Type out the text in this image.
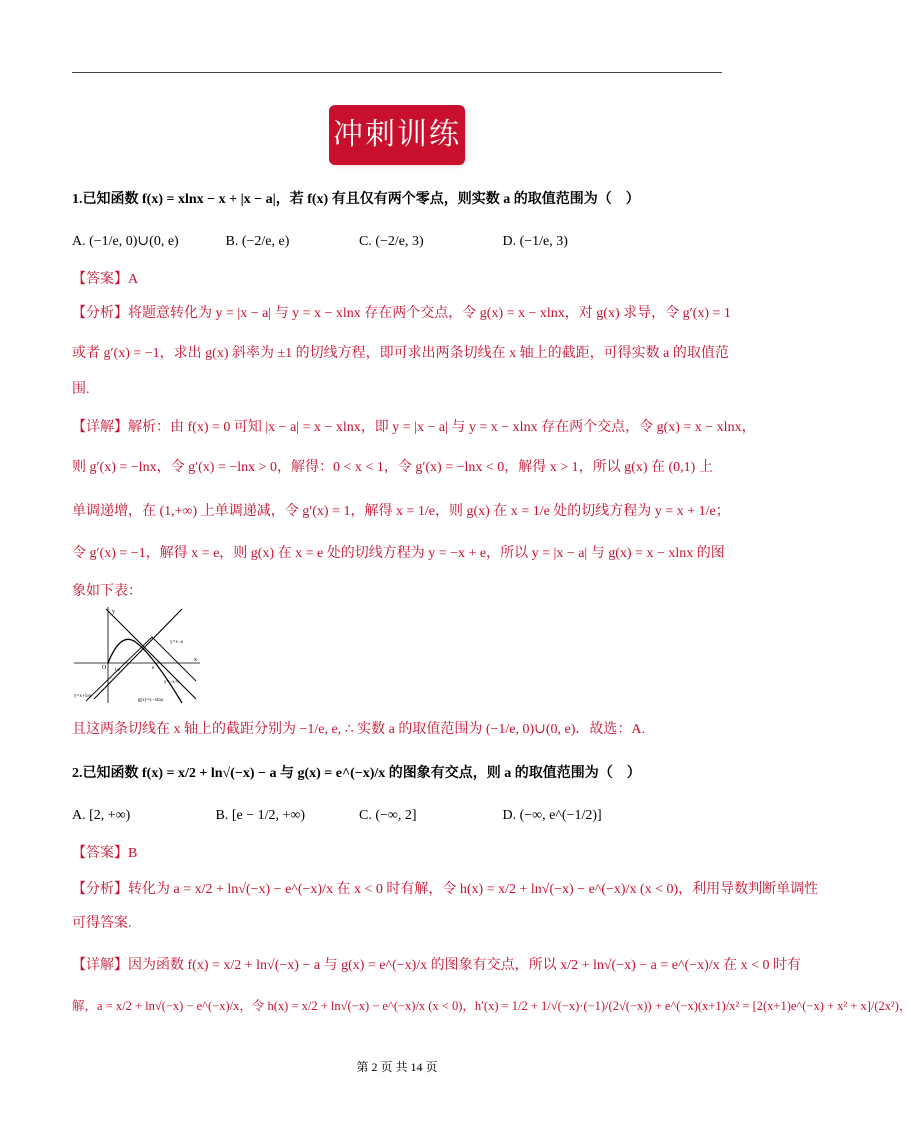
冲刺训练
1.已知函数 f(x) = xlnx − x + |x − a|，若 f(x) 有且仅有两个零点，则实数 a 的取值范围为（　）
A. (−1/e, 0)∪(0, e)	B. (−2/e, e)	C. (−2/e, 3)	D. (−1/e, 3)
【答案】A
【分析】将题意转化为 y = |x − a| 与 y = x − xlnx 存在两个交点，令 g(x) = x − xlnx，对 g(x) 求导，令 g′(x) = 1
或者 g′(x) = −1，求出 g(x) 斜率为 ±1 的切线方程，即可求出两条切线在 x 轴上的截距，可得实数 a 的取值范
围.
【详解】解析：由 f(x) = 0 可知 |x − a| = x − xlnx，即 y = |x − a| 与 y = x − xlnx 存在两个交点，令 g(x) = x − xlnx，
则 g′(x) = −lnx，令 g′(x) = −lnx > 0，解得：0 < x < 1，令 g′(x) = −lnx < 0，解得 x > 1，所以 g(x) 在 (0,1) 上
单调递增，在 (1,+∞) 上单调递减，令 g′(x) = 1，解得 x = 1/e，则 g(x) 在 x = 1/e 处的切线方程为 y = x + 1/e；
令 g′(x) = −1，解得 x = e，则 g(x) 在 x = e 处的切线方程为 y = −x + e，所以 y = |x − a| 与 g(x) = x − xlnx 的图
象如下表：
y
x
O 1/e	e
y=x−a
y=x+1/e
y=−x+e
g(x)=x−xlnx
且这两条切线在 x 轴上的截距分别为 −1/e, e, ∴ 实数 a 的取值范围为 (−1/e, 0)∪(0, e)．故选：A.
2.已知函数 f(x) = x/2 + ln√(−x) − a 与 g(x) = e^(−x)/x 的图象有交点，则 a 的取值范围为（　）
A. [2, +∞)	B. [e − 1/2, +∞)	C. (−∞, 2]	D. (−∞, e^(−1/2)]
【答案】B
【分析】转化为 a = x/2 + ln√(−x) − e^(−x)/x 在 x < 0 时有解，令 h(x) = x/2 + ln√(−x) − e^(−x)/x (x < 0)，利用导数判断单调性
可得答案.
【详解】因为函数 f(x) = x/2 + ln√(−x) − a 与 g(x) = e^(−x)/x 的图象有交点，所以 x/2 + ln√(−x) − a = e^(−x)/x 在 x < 0 时有
解，a = x/2 + ln√(−x) − e^(−x)/x，令 h(x) = x/2 + ln√(−x) − e^(−x)/x (x < 0)，h′(x) = 1/2 + 1/√(−x)·(−1)/(2√(−x)) + e^(−x)(x+1)/x² = [2(x+1)e^(−x) + x² + x]/(2x²)，
第 2 页 共 14 页
